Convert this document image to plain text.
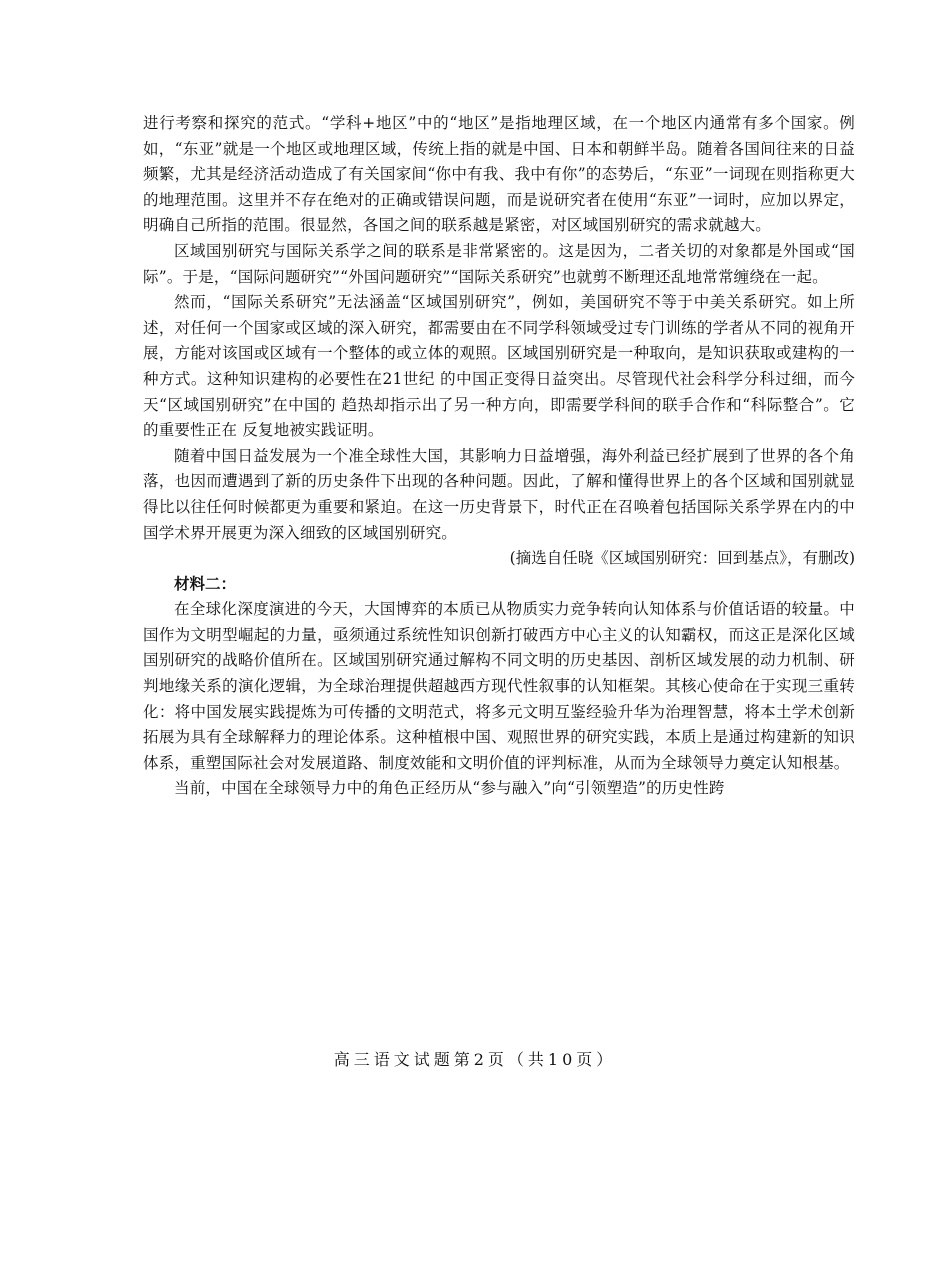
进行考察和探究的范式。“学科+地区”中的“地区”是指地理区域，在一个地区内通常有多个国家。例如，“东亚”就是一个地区或地理区域，传统上指的就是中国、日本和朝鲜半岛。随着各国间往来的日益频繁，尤其是经济活动造成了有关国家间“你中有我、我中有你”的态势后，“东亚”一词现在则指称更大的地理范围。这里并不存在绝对的正确或错误问题，而是说研究者在使用“东亚”一词时，应加以界定，明确自己所指的范围。很显然，各国之间的联系越是紧密，对区域国别研究的需求就越大。

区域国别研究与国际关系学之间的联系是非常紧密的。这是因为，二者关切的对象都是外国或“国际”。于是，“国际问题研究”“外国问题研究”“国际关系研究”也就剪不断理还乱地常常缠绕在一起。

然而，“国际关系研究”无法涵盖“区域国别研究”，例如，美国研究不等于中美关系研究。如上所述，对任何一个国家或区域的深入研究，都需要由在不同学科领域受过专门训练的学者从不同的视角开展，方能对该国或区域有一个整体的或立体的观照。区域国别研究是一种取向，是知识获取或建构的一种方式。这种知识建构的必要性在21世纪 的中国正变得日益突出。尽管现代社会科学分科过细，而今天“区域国别研究”在中国的 趋热却指示出了另一种方向，即需要学科间的联手合作和“科际整合”。它的重要性正在 反复地被实践证明。

随着中国日益发展为一个准全球性大国，其影响力日益增强，海外利益已经扩展到了世界的各个角落，也因而遭遇到了新的历史条件下出现的各种问题。因此，了解和懂得世界上的各个区域和国别就显得比以往任何时候都更为重要和紧迫。在这一历史背景下，时代正在召唤着包括国际关系学界在内的中国学术界开展更为深入细致的区域国别研究。

(摘选自任晓《区域国别研究：回到基点》，有删改)

材料二：

在全球化深度演进的今天，大国博弈的本质已从物质实力竞争转向认知体系与价值话语的较量。中国作为文明型崛起的力量，亟须通过系统性知识创新打破西方中心主义的认知霸权，而这正是深化区域国别研究的战略价值所在。区域国别研究通过解构不同文明的历史基因、剖析区域发展的动力机制、研判地缘关系的演化逻辑，为全球治理提供超越西方现代性叙事的认知框架。其核心使命在于实现三重转化：将中国发展实践提炼为可传播的文明范式，将多元文明互鉴经验升华为治理智慧，将本土学术创新拓展为具有全球解释力的理论体系。这种植根中国、观照世界的研究实践，本质上是通过构建新的知识体系，重塑国际社会对发展道路、制度效能和文明价值的评判标准，从而为全球领导力奠定认知根基。

当前，中国在全球领导力中的角色正经历从“参与融入”向“引领塑造”的历史性跨

高三语文试题第2页（共10页）
